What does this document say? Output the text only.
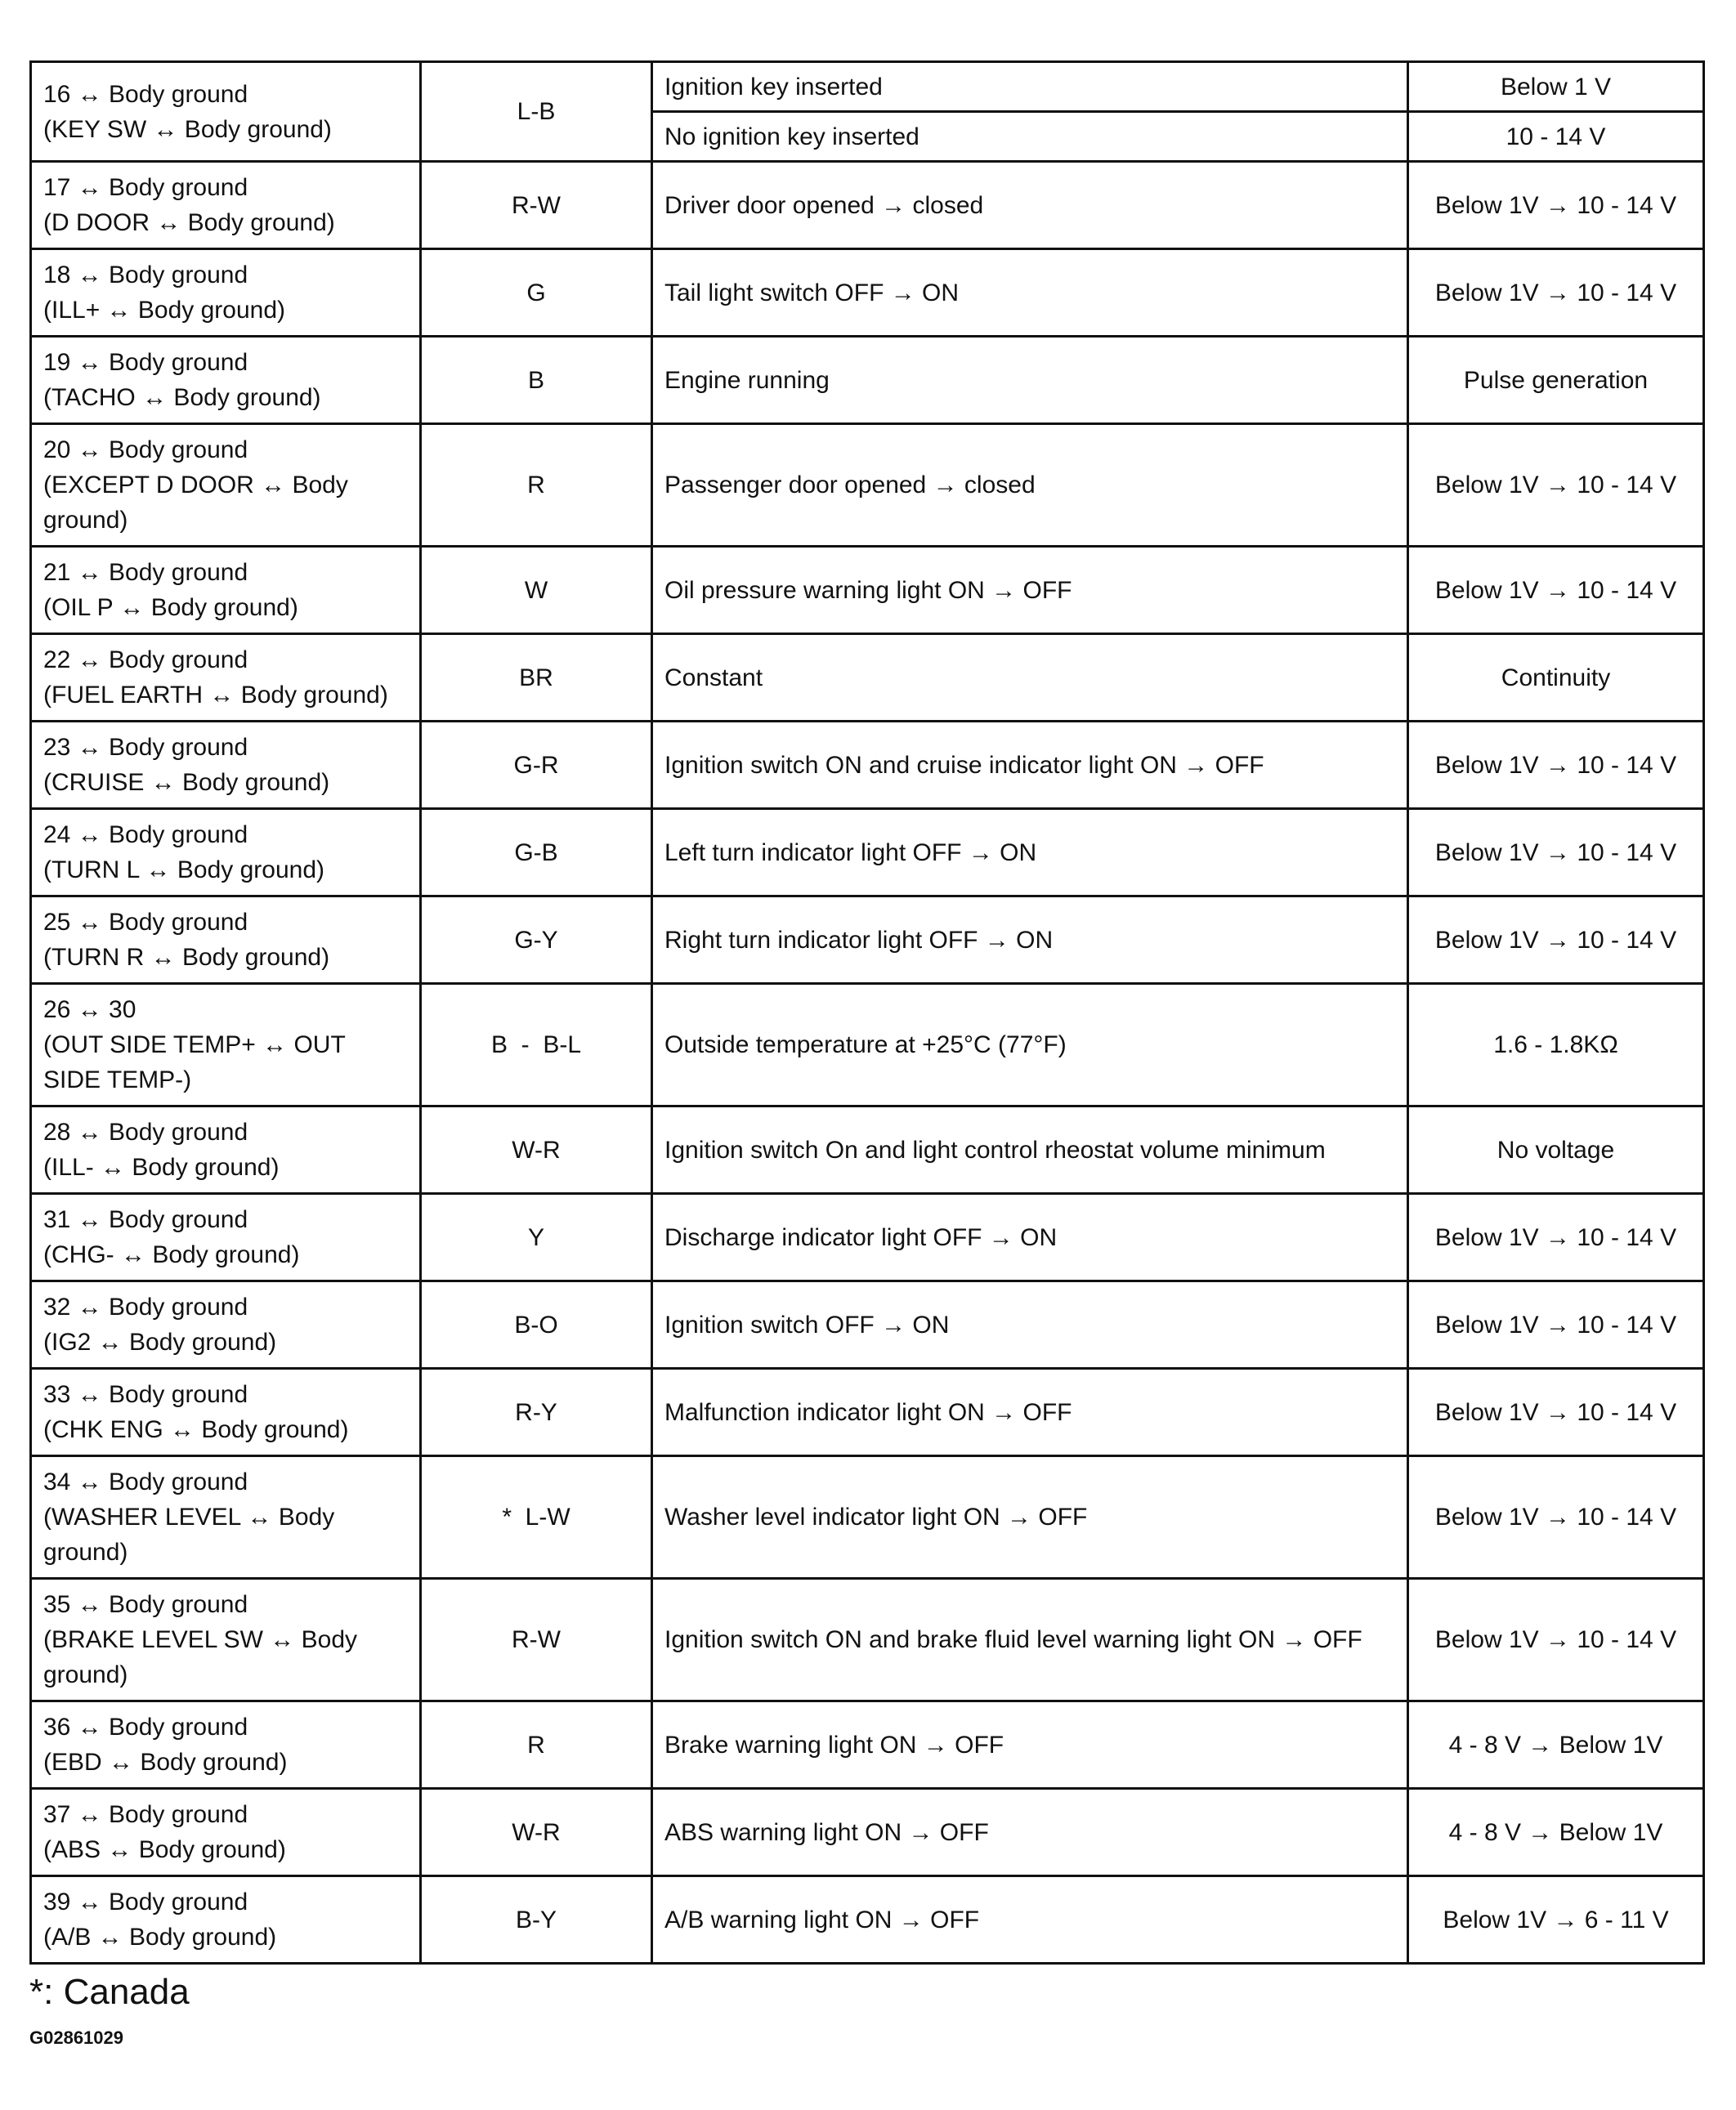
16 ↔ Body ground
(KEY SW ↔ Body ground)	L-B	Ignition key inserted	Below 1 V
		No ignition key inserted	10 - 14 V

17 ↔ Body ground
(D DOOR ↔ Body ground)	R-W	Driver door opened → closed	Below 1V → 10 - 14 V

18 ↔ Body ground
(ILL+ ↔ Body ground)	G	Tail light switch OFF → ON	Below 1V → 10 - 14 V

19 ↔ Body ground
(TACHO ↔ Body ground)	B	Engine running	Pulse generation

20 ↔ Body ground
(EXCEPT D DOOR ↔ Body
ground)	R	Passenger door opened → closed	Below 1V → 10 - 14 V

21 ↔ Body ground
(OIL P ↔ Body ground)	W	Oil pressure warning light ON → OFF	Below 1V → 10 - 14 V

22 ↔ Body ground
(FUEL EARTH ↔ Body ground)	BR	Constant	Continuity

23 ↔ Body ground
(CRUISE ↔ Body ground)	G-R	Ignition switch ON and cruise indicator light ON → OFF	Below 1V → 10 - 14 V

24 ↔ Body ground
(TURN L ↔ Body ground)	G-B	Left turn indicator light OFF → ON	Below 1V → 10 - 14 V

25 ↔ Body ground
(TURN R ↔ Body ground)	G-Y	Right turn indicator light OFF → ON	Below 1V → 10 - 14 V

26 ↔ 30
(OUT SIDE TEMP+ ↔ OUT
SIDE TEMP-)	B  -  B-L	Outside temperature at +25°C (77°F)	1.6 - 1.8KΩ

28 ↔ Body ground
(ILL- ↔ Body ground)	W-R	Ignition switch On and light control rheostat volume minimum	No voltage

31 ↔ Body ground
(CHG- ↔ Body ground)	Y	Discharge indicator light OFF → ON	Below 1V → 10 - 14 V

32 ↔ Body ground
(IG2 ↔ Body ground)	B-O	Ignition switch OFF → ON	Below 1V → 10 - 14 V

33 ↔ Body ground
(CHK ENG ↔ Body ground)	R-Y	Malfunction indicator light ON → OFF	Below 1V → 10 - 14 V

34 ↔ Body ground
(WASHER LEVEL ↔ Body
ground)	*  L-W	Washer level indicator light ON → OFF	Below 1V → 10 - 14 V

35 ↔ Body ground
(BRAKE LEVEL SW ↔ Body
ground)	R-W	Ignition switch ON and brake fluid level warning light ON → OFF	Below 1V → 10 - 14 V

36 ↔ Body ground
(EBD ↔ Body ground)	R	Brake warning light ON → OFF	4 - 8 V → Below 1V

37 ↔ Body ground
(ABS ↔ Body ground)	W-R	ABS warning light ON → OFF	4 - 8 V → Below 1V

39 ↔ Body ground
(A/B ↔ Body ground)	B-Y	A/B warning light ON → OFF	Below 1V → 6 - 11 V
*: Canada
G02861029
